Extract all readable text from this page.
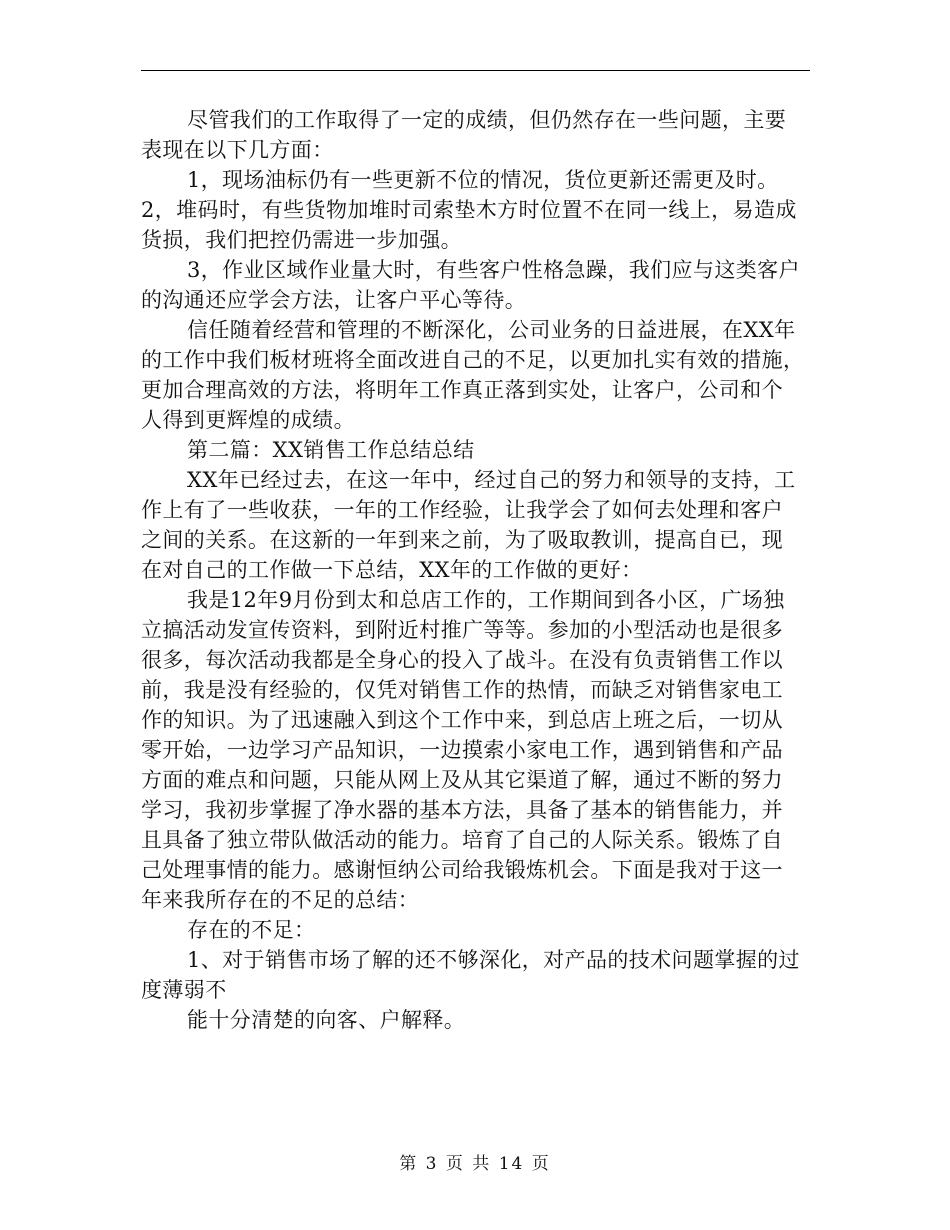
尽管我们的工作取得了一定的成绩，但仍然存在一些问题，主要
表现在以下几方面：
1，现场油标仍有一些更新不位的情况，货位更新还需更及时。
2，堆码时，有些货物加堆时司索垫木方时位置不在同一线上，易造成
货损，我们把控仍需进一步加强。
3，作业区域作业量大时，有些客户性格急躁，我们应与这类客户
的沟通还应学会方法，让客户平心等待。
信任随着经营和管理的不断深化，公司业务的日益进展，在XX年
的工作中我们板材班将全面改进自己的不足，以更加扎实有效的措施，
更加合理高效的方法，将明年工作真正落到实处，让客户，公司和个
人得到更辉煌的成绩。
第二篇：XX销售工作总结总结
XX年已经过去，在这一年中，经过自己的努力和领导的支持，工
作上有了一些收获，一年的工作经验，让我学会了如何去处理和客户
之间的关系。在这新的一年到来之前，为了吸取教训，提高自已，现
在对自己的工作做一下总结，XX年的工作做的更好：
我是12年9月份到太和总店工作的，工作期间到各小区，广场独
立搞活动发宣传资料，到附近村推广等等。参加的小型活动也是很多
很多，每次活动我都是全身心的投入了战斗。在没有负责销售工作以
前，我是没有经验的，仅凭对销售工作的热情，而缺乏对销售家电工
作的知识。为了迅速融入到这个工作中来，到总店上班之后，一切从
零开始，一边学习产品知识，一边摸索小家电工作，遇到销售和产品
方面的难点和问题，只能从网上及从其它渠道了解，通过不断的努力
学习，我初步掌握了净水器的基本方法，具备了基本的销售能力，并
且具备了独立带队做活动的能力。培育了自己的人际关系。锻炼了自
己处理事情的能力。感谢恒纳公司给我锻炼机会。下面是我对于这一
年来我所存在的不足的总结：
存在的不足：
1、对于销售市场了解的还不够深化，对产品的技术问题掌握的过
度薄弱不
能十分清楚的向客、户解释。
第 3 页 共 14 页
